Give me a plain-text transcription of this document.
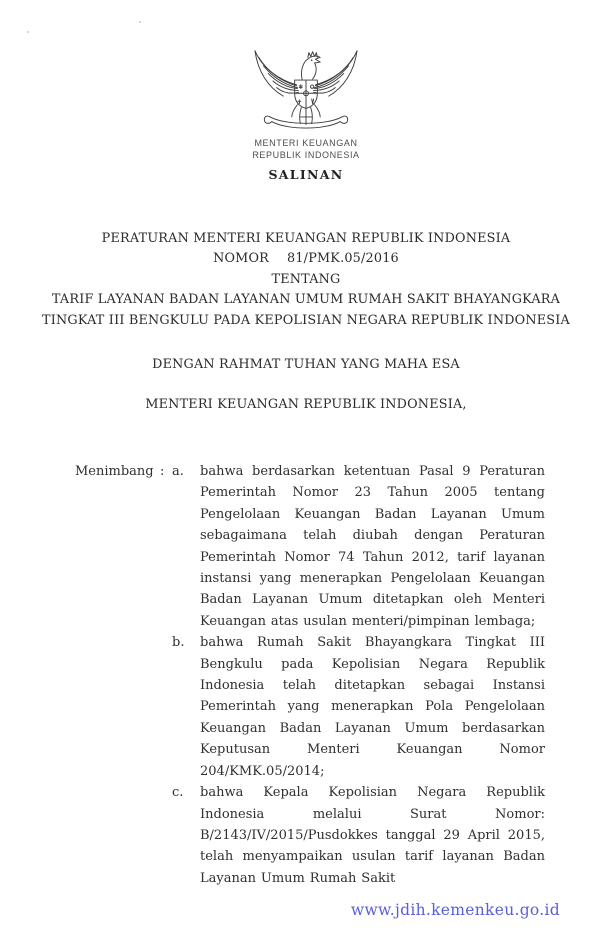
MENTERI KEUANGAN
REPUBLIK INDONESIA
SALINAN
PERATURAN MENTERI KEUANGAN REPUBLIK INDONESIA
NOMOR 81/PMK.05/2016
TENTANG
TARIF LAYANAN BADAN LAYANAN UMUM RUMAH SAKIT BHAYANGKARA
TINGKAT III BENGKULU PADA KEPOLISIAN NEGARA REPUBLIK INDONESIA
DENGAN RAHMAT TUHAN YANG MAHA ESA
MENTERI KEUANGAN REPUBLIK INDONESIA,
Menimbang : a.	bahwa berdasarkan ketentuan Pasal 9 Peraturan Pemerintah Nomor 23 Tahun 2005 tentang Pengelolaan Keuangan Badan Layanan Umum sebagaimana telah diubah dengan Peraturan Pemerintah Nomor 74 Tahun 2012, tarif layanan instansi yang menerapkan Pengelolaan Keuangan Badan Layanan Umum ditetapkan oleh Menteri Keuangan atas usulan menteri/pimpinan lembaga;
b.	bahwa Rumah Sakit Bhayangkara Tingkat III Bengkulu pada Kepolisian Negara Republik Indonesia telah ditetapkan sebagai Instansi Pemerintah yang menerapkan Pola Pengelolaan Keuangan Badan Layanan Umum berdasarkan Keputusan Menteri Keuangan Nomor 204/KMK.05/2014;
c.	bahwa Kepala Kepolisian Negara Republik Indonesia melalui Surat Nomor: B/2143/IV/2015/Pusdokkes tanggal 29 April 2015, telah menyampaikan usulan tarif layanan Badan Layanan Umum Rumah Sakit
www.jdih.kemenkeu.go.id
